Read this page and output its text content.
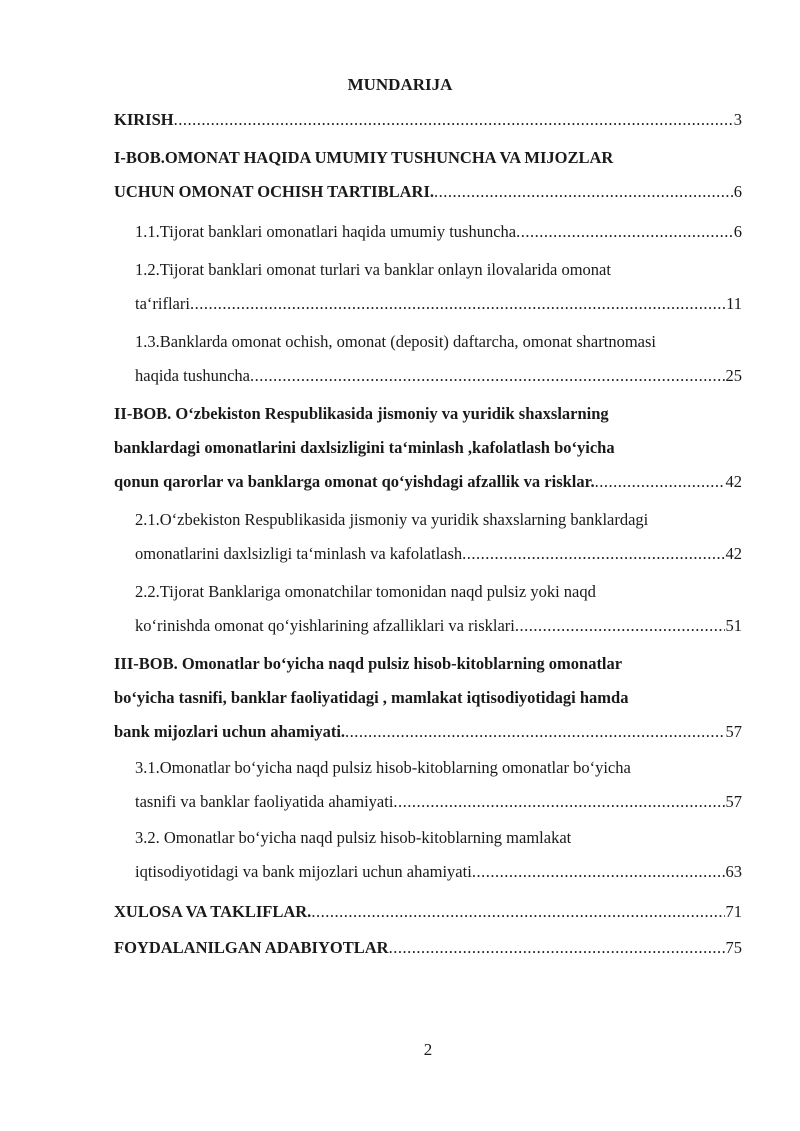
MUNDARIJA
KIRISH .....	3
I-BOB.OMONAT HAQIDA UMUMIY TUSHUNCHA VA MIJOZLAR
UCHUN OMONAT OCHISH TARTIBLARI. .....	6
1.1.Tijorat banklari omonatlari haqida umumiy tushuncha .....	6
1.2.Tijorat banklari omonat turlari va banklar onlayn ilovalarida omonat
ta‘riflari .....	11
1.3.Banklarda omonat ochish, omonat (deposit) daftarcha, omonat shartnomasi
haqida tushuncha .....	25
II-BOB. O‘zbekiston Respublikasida jismoniy va yuridik shaxslarning
banklardagi omonatlarini daxlsizligini ta‘minlash ,kafolatlash bo‘yicha
qonun qarorlar va banklarga omonat qo‘yishdagi afzallik va risklar. .....	42
2.1.O‘zbekiston Respublikasida jismoniy va yuridik shaxslarning banklardagi
omonatlarini daxlsizligi ta‘minlash va kafolatlash .....	42
2.2.Tijorat Banklariga omonatchilar tomonidan naqd pulsiz yoki naqd
ko‘rinishda omonat qo‘yishlarining afzalliklari va risklari .....	51
III-BOB. Omonatlar bo‘yicha naqd pulsiz hisob-kitoblarning omonatlar
bo‘yicha tasnifi, banklar faoliyatidagi , mamlakat iqtisodiyotidagi hamda
bank mijozlari uchun ahamiyati. .....	57
3.1.Omonatlar bo‘yicha naqd pulsiz hisob-kitoblarning omonatlar bo‘yicha
tasnifi va banklar faoliyatida ahamiyati .....	57
3.2. Omonatlar bo‘yicha naqd pulsiz hisob-kitoblarning mamlakat
iqtisodiyotidagi va bank mijozlari uchun ahamiyati .....	63
XULOSA VA TAKLIFLAR. .....	71
FOYDALANILGAN ADABIYOTLAR .....	75
2
